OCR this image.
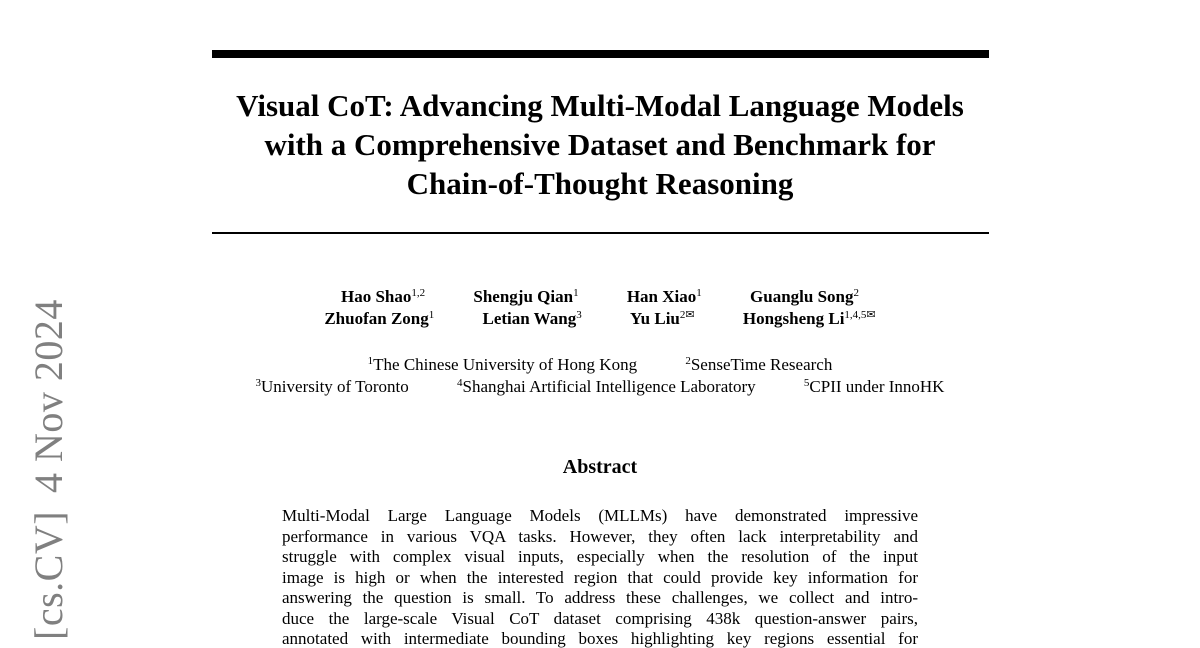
[cs.CV]4 Nov 2024
Visual CoT: Advancing Multi-Modal Language Models
with a Comprehensive Dataset and Benchmark for
Chain-of-Thought Reasoning
Hao Shao$^{1,2}$	Shengju Qian$^1$	Han Xiao$^1$	Guanglu Song$^2$
Zhuofan Zong$^1$	Letian Wang$^3$	Yu Liu$^{2✉}$	Hongsheng $Li^{1,4,5✉}$
$^1$The Chinese University of Hong Kong	$^2$SenseTime Research
$^3$University of Toronto	$^4$Shanghai Artificial Intelligence Laboratory	$^5$CPII under InnoHK
Abstract
Multi-Modal Large Language Models (MLLMs) have demonstrated impressive
performance in various VQA tasks. However, they often lack interpretability and
struggle with complex visual inputs, especially when the resolution of the input
image is high or when the interested region that could provide key information for
answering the question is small. To address these challenges, we collect and intro-
duce the large-scale Visual CoT dataset comprising 438k question-answer pairs,
annotated with intermediate bounding boxes highlighting key regions essential for
